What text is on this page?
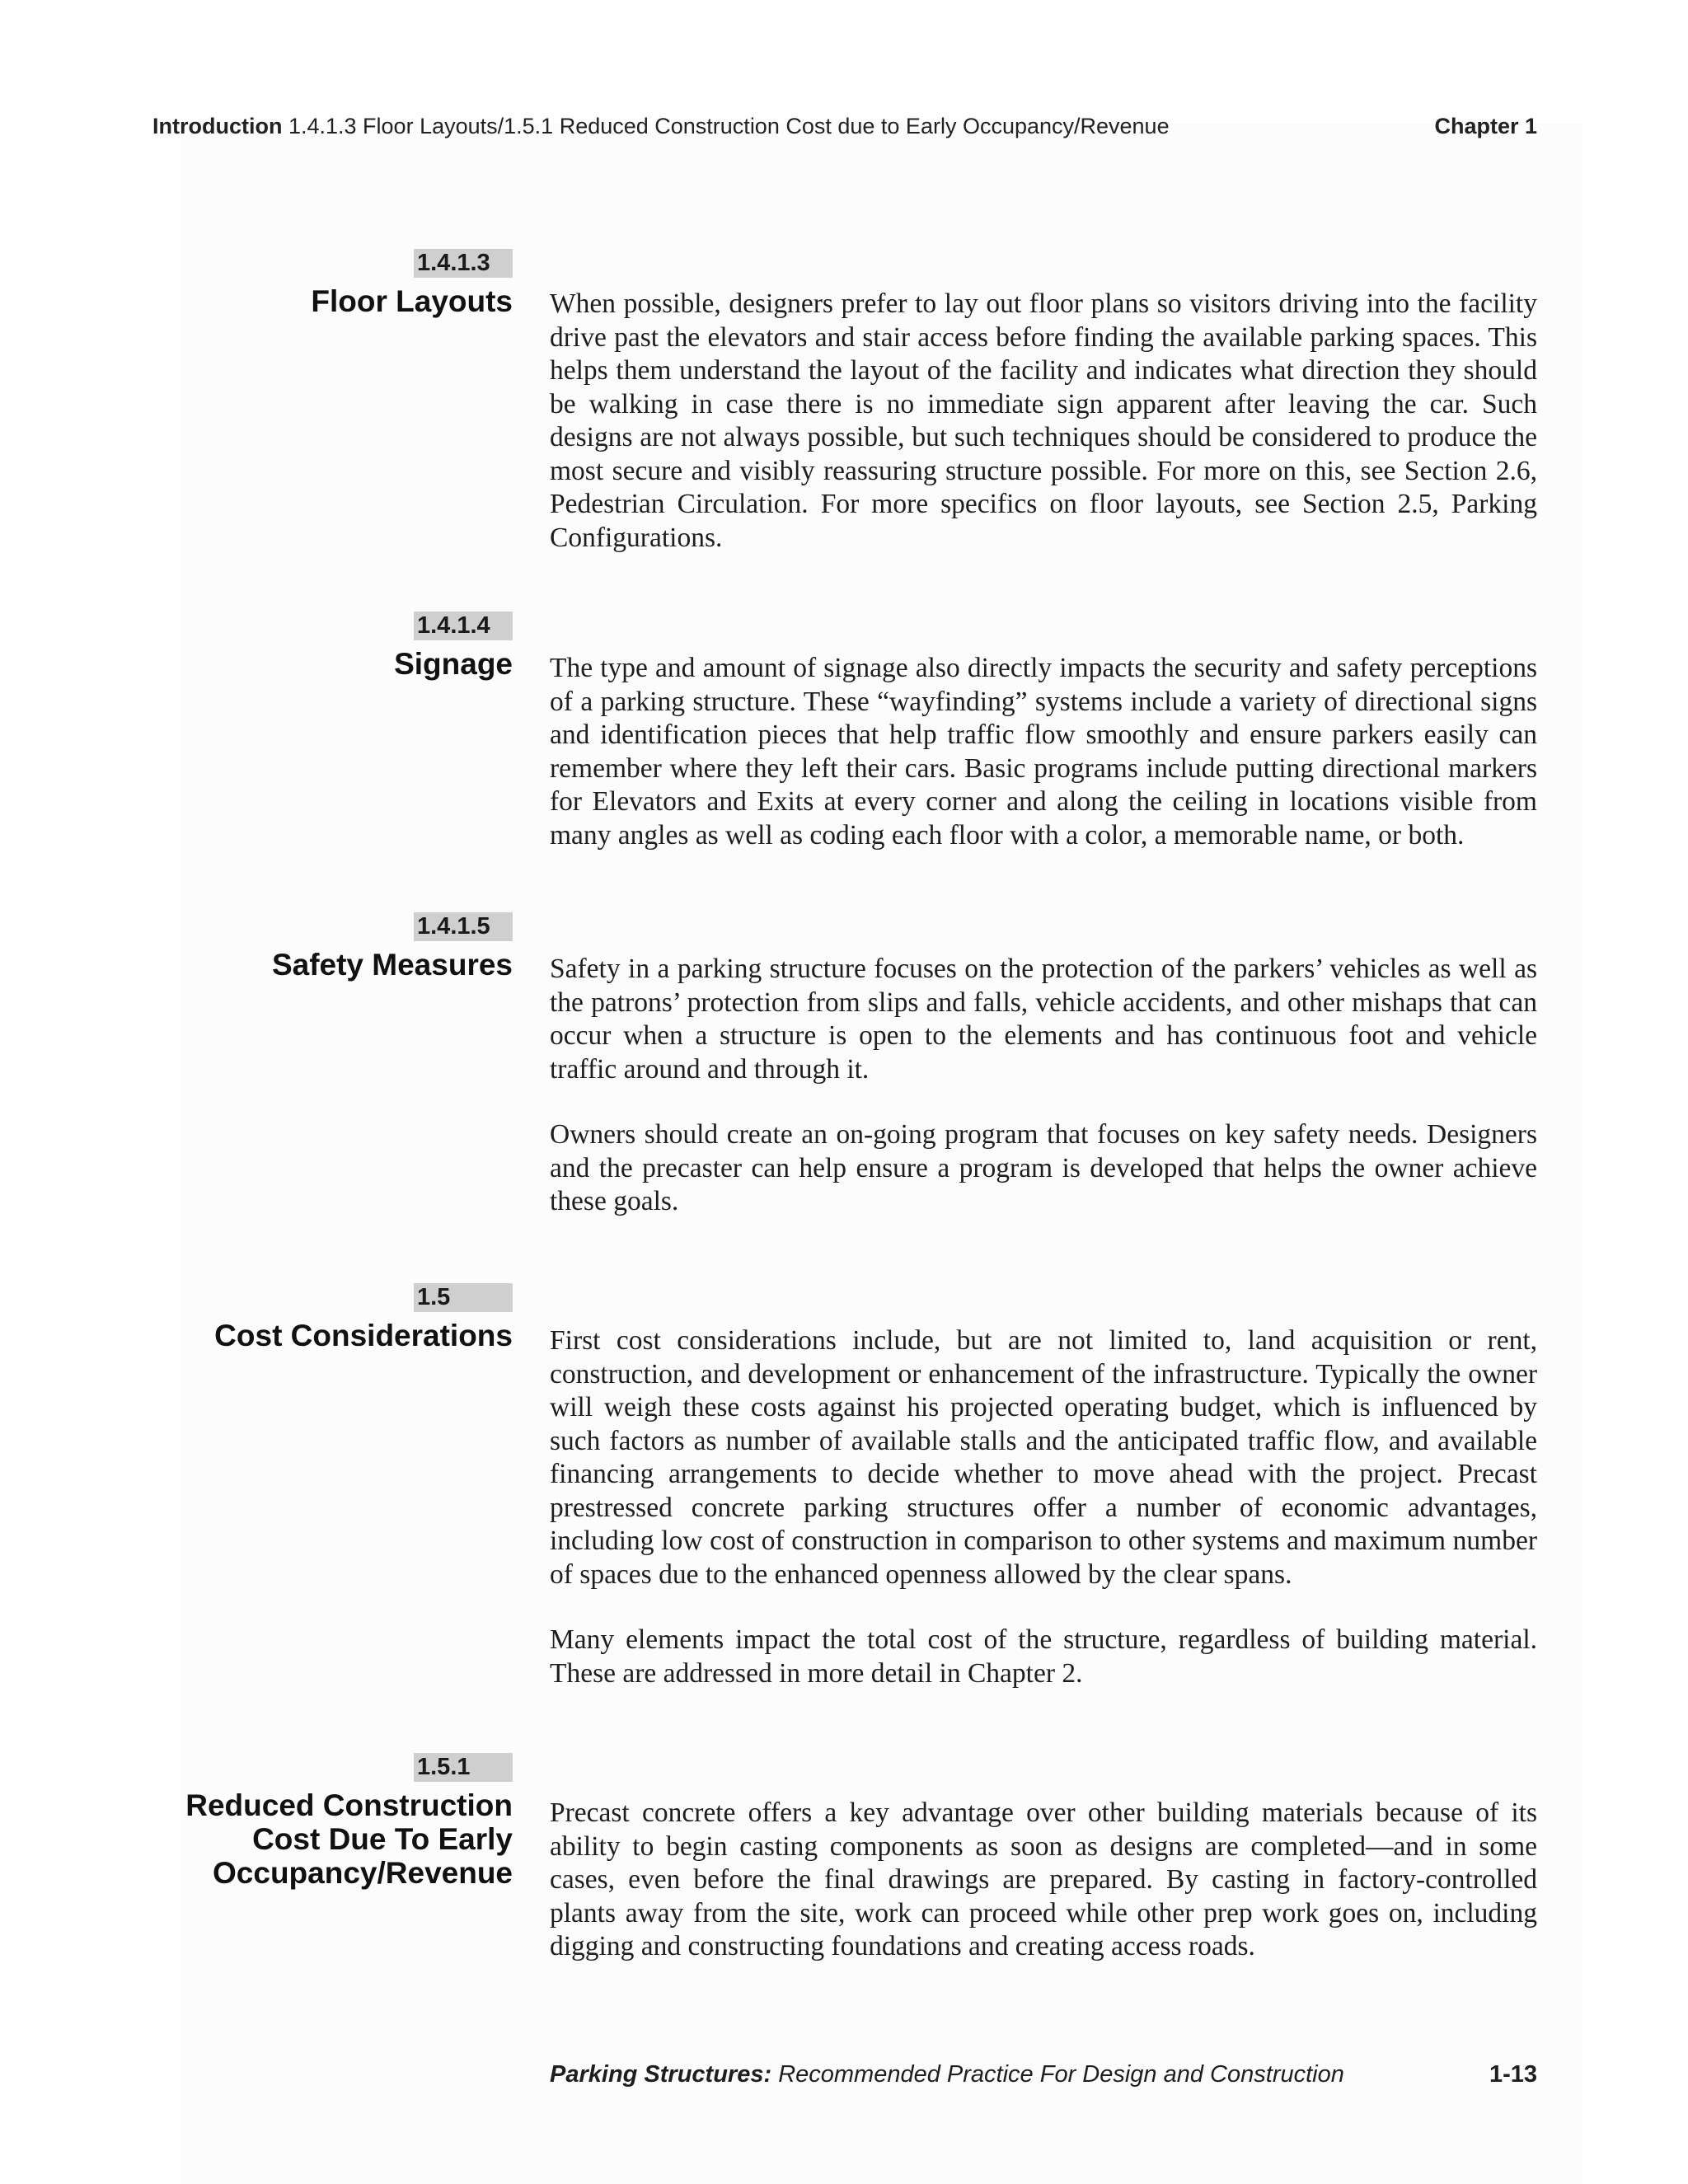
Introduction 1.4.1.3 Floor Layouts/1.5.1 Reduced Construction Cost due to Early Occupancy/Revenue	Chapter 1
1.4.1.3
Floor Layouts When possible, designers prefer to lay out floor plans so visitors driving into the facility drive past the elevators and stair access before finding the available parking spaces. This helps them understand the layout of the facility and indicates what direction they should be walking in case there is no immediate sign apparent after leaving the car. Such designs are not always possible, but such techniques should be considered to produce the most secure and visibly reassuring structure possible. For more on this, see Section 2.6, Pedestrian Circulation. For more specifics on floor layouts, see Section 2.5, Parking Configurations.

1.4.1.4
Signage The type and amount of signage also directly impacts the security and safety perceptions of a parking structure. These “wayfinding” systems include a variety of directional signs and identification pieces that help traffic flow smoothly and ensure parkers easily can remember where they left their cars. Basic programs include putting directional markers for Elevators and Exits at every corner and along the ceiling in locations visible from many angles as well as coding each floor with a color, a memorable name, or both.

1.4.1.5
Safety Measures Safety in a parking structure focuses on the protection of the parkers’ vehicles as well as the patrons’ protection from slips and falls, vehicle accidents, and other mishaps that can occur when a structure is open to the elements and has continuous foot and vehicle traffic around and through it.

Owners should create an on-going program that focuses on key safety needs. Designers and the precaster can help ensure a program is developed that helps the owner achieve these goals.

1.5
Cost Considerations First cost considerations include, but are not limited to, land acquisition or rent, construction, and development or enhancement of the infrastructure. Typically the owner will weigh these costs against his projected operating budget, which is influenced by such factors as number of available stalls and the anticipated traffic flow, and available financing arrangements to decide whether to move ahead with the project. Precast prestressed concrete parking structures offer a number of economic advantages, including low cost of construction in comparison to other systems and maximum number of spaces due to the enhanced openness allowed by the clear spans.

Many elements impact the total cost of the structure, regardless of building material. These are addressed in more detail in Chapter 2.

1.5.1
Reduced Construction Cost Due To Early Occupancy/Revenue

Precast concrete offers a key advantage over other building materials because of its ability to begin casting components as soon as designs are completed—and in some cases, even before the final drawings are prepared. By casting in factory-controlled plants away from the site, work can proceed while other prep work goes on, including digging and constructing foundations and creating access roads.

Parking Structures: Recommended Practice For Design and Construction	1-13
